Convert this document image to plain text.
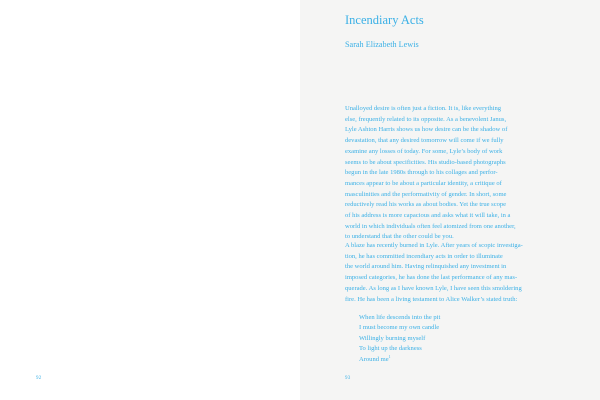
92
Incendiary Acts
Sarah Elizabeth Lewis
Unalloyed desire is often just a fiction. It is, like everything
else, frequently related to its opposite. As a benevolent Janus,
Lyle Ashton Harris shows us how desire can be the shadow of
devastation, that any desired tomorrow will come if we fully
examine any losses of today. For some, Lyle’s body of work
seems to be about specificities. His studio-based photographs
begun in the late 1980s through to his collages and perfor-
mances appear to be about a particular identity, a critique of
masculinities and the performativity of gender. In short, some
reductively read his works as about bodies. Yet the true scope
of his address is more capacious and asks what it will take, in a
world in which individuals often feel atomized from one another,
to understand that the other could be you.
A blaze has recently burned in Lyle. After years of scopic investiga-
tion, he has committed incendiary acts in order to illuminate
the world around him. Having relinquished any investment in
imposed categories, he has done the last performance of any mas-
querade. As long as I have known Lyle, I have seen this smoldering
fire. He has been a living testament to Alice Walker’s stated truth:
When life descends into the pit
I must become my own candle
Willingly burning myself
To light up the darkness
Around $me^1$
93
